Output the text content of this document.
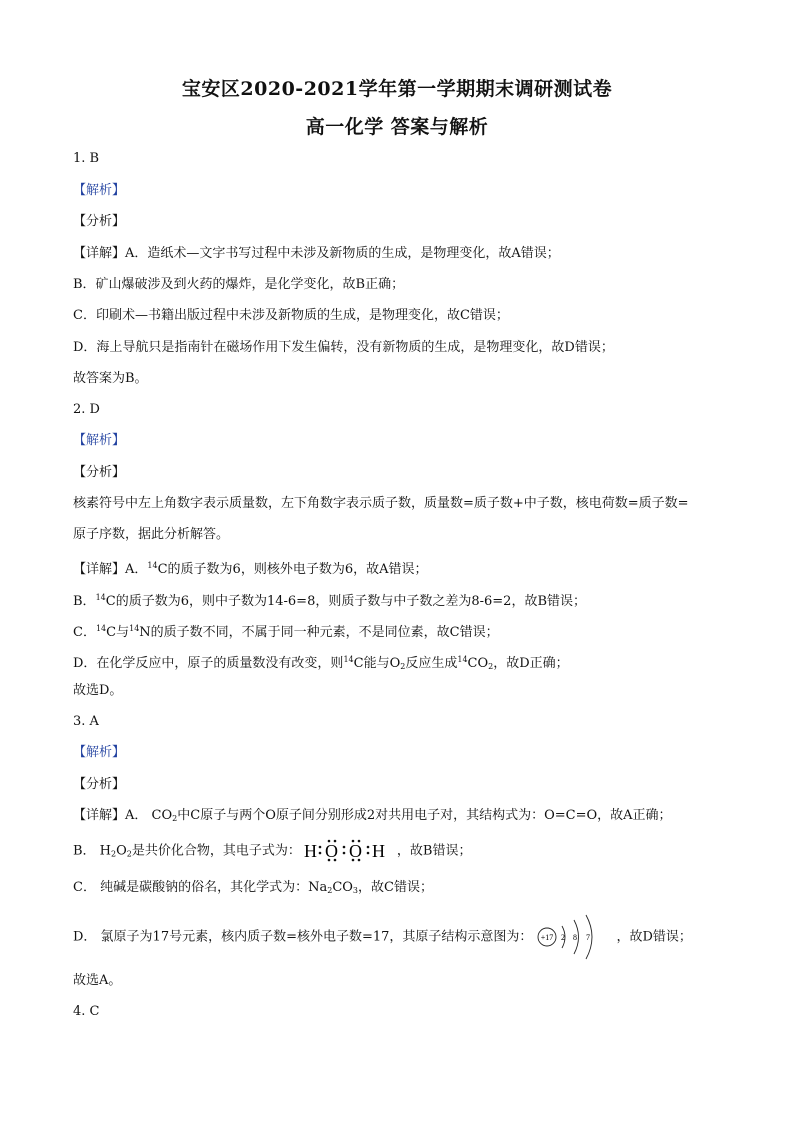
宝安区2020-2021学年第一学期期末调研测试卷
高一化学 答案与解析
1. B
【解析】
【分析】
【详解】A．造纸术—文字书写过程中未涉及新物质的生成，是物理变化，故A错误；
B．矿山爆破涉及到火药的爆炸，是化学变化，故B正确；
C．印刷术—书籍出版过程中未涉及新物质的生成，是物理变化，故C错误；
D．海上导航只是指南针在磁场作用下发生偏转，没有新物质的生成，是物理变化，故D错误；
故答案为B。
2. D
【解析】
【分析】
核素符号中左上角数字表示质量数，左下角数字表示质子数，质量数=质子数+中子数，核电荷数=质子数=
原子序数，据此分析解答。
【详解】A．$^{14}$C的质子数为6，则核外电子数为6，故A错误；
B．$^{14}$C的质子数为6，则中子数为14-6=8，则质子数与中子数之差为8-6=2，故B错误；
C．$^{14}$C与$^{14}$N的质子数不同，不属于同一种元素，不是同位素，故C错误；
D．在化学反应中，原子的质量数没有改变，则$^{14}$C能与$O_2$反应生成$^{14}CO_2$，故D正确；
故选D。
3. A
【解析】
【分析】
【详解】A． $CO_2$中C原子与两个O原子间分别形成2对共用电子对，其结构式为：O=C=O，故A正确；
B． $H_2O_2$是共价化合物，其电子式为： H O O H ，故B错误；
C． 纯碱是碳酸钠的俗名，其化学式为：$Na_2CO_3$，故C错误；
D． 氯原子为17号元素，核内质子数=核外电子数=17，其原子结构示意图为： +17 2 8 7 ，故D错误；
故选A。
4. C
